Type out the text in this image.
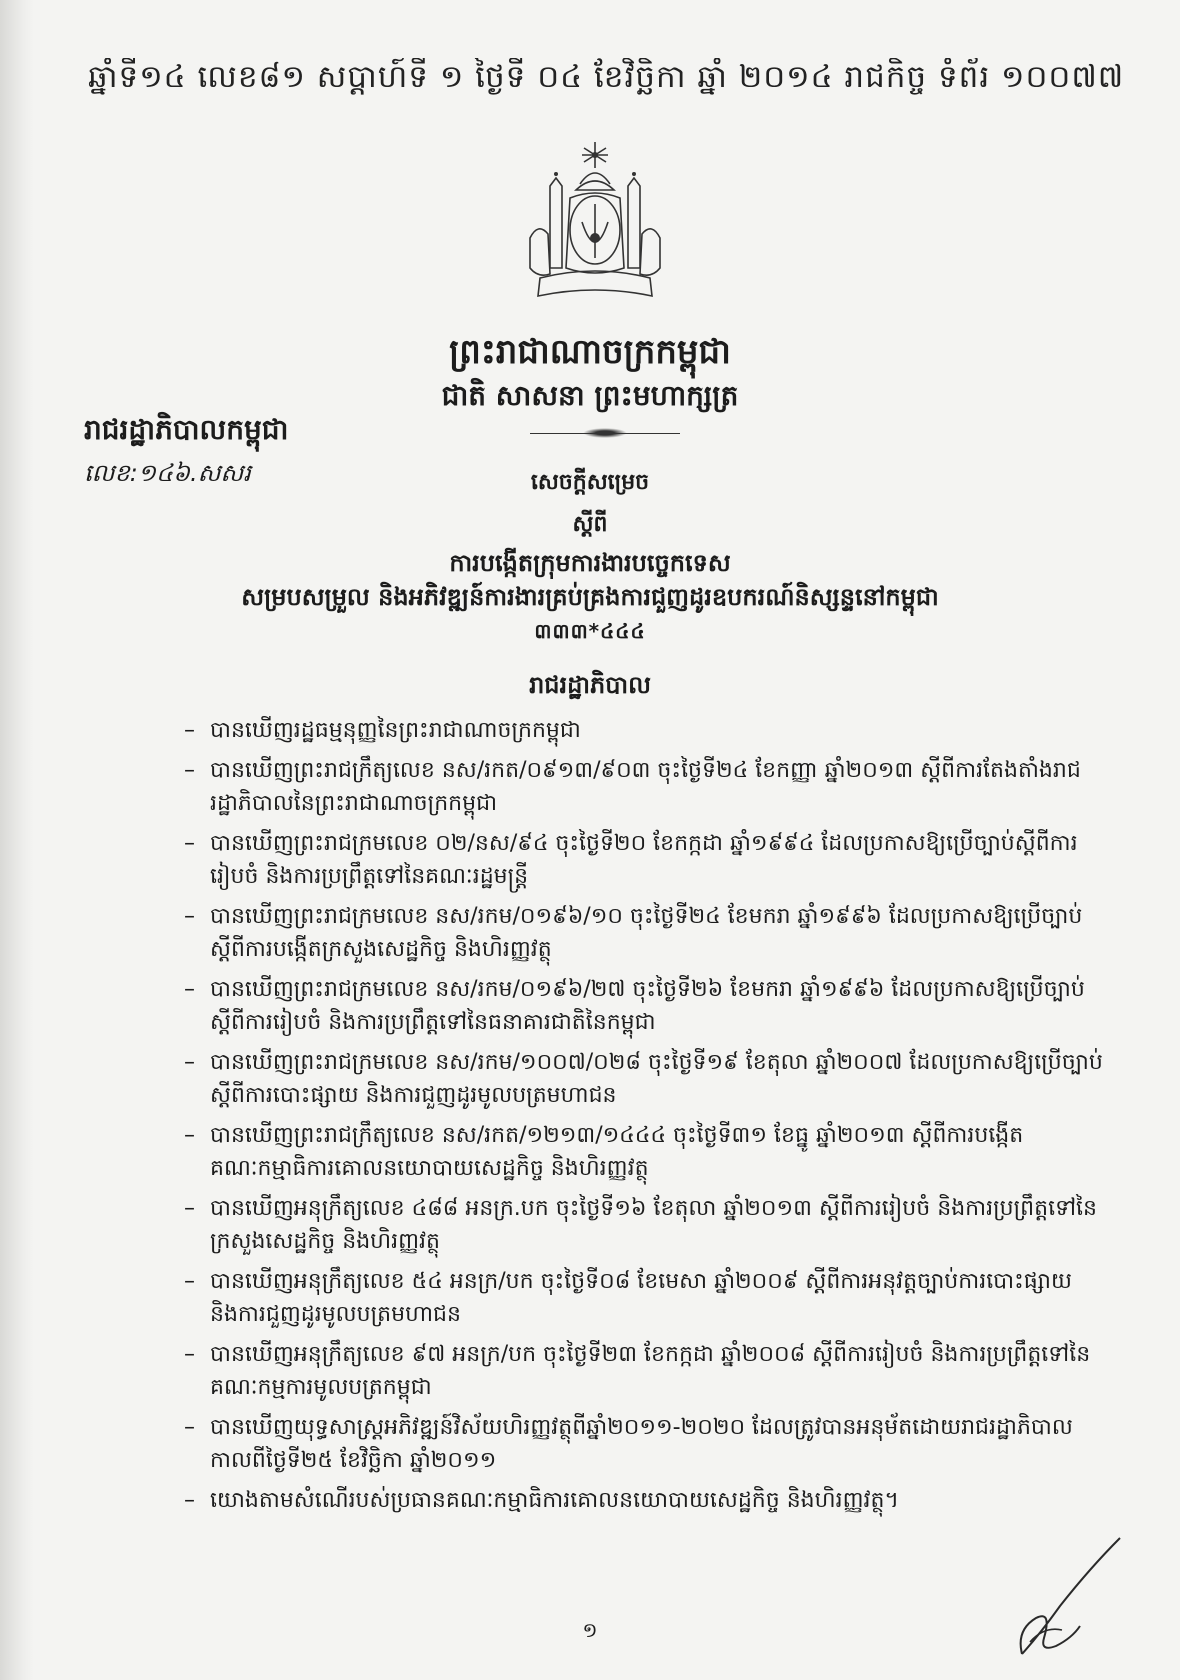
ឆ្នាំទី១៤ លេខ៨១ សប្តាហ៍ទី ១ ថ្ងៃទី ០៤ ខែវិច្ឆិកា ឆ្នាំ ២០១៤ រាជកិច្ច ទំព័រ ១០០៧៧
ព្រះរាជាណាចក្រកម្ពុជា
ជាតិ សាសនា ព្រះមហាក្សត្រ
រាជរដ្ឋាភិបាលកម្ពុជា
លេខ:១៤៦.សសរ	សេចក្តីសម្រេច
ស្តីពី
ការបង្កើតក្រុមការងារបច្ចេកទេស
សម្របសម្រួល និងអភិវឌ្ឍន៍ការងារគ្រប់គ្រងការជួញដូរឧបករណ៍និស្សន្ទនៅកម្ពុជា
៣៣៣*៤៤៤
រាជរដ្ឋាភិបាល
– បានឃើញរដ្ឋធម្មនុញ្ញនៃព្រះរាជាណាចក្រកម្ពុជា
– បានឃើញព្រះរាជក្រឹត្យលេខ នស/រកត/០៩១៣/៩០៣ ចុះថ្ងៃទី២៤ ខែកញ្ញា ឆ្នាំ២០១៣ ស្តីពីការតែងតាំងរាជរដ្ឋាភិបាលនៃព្រះរាជាណាចក្រកម្ពុជា
– បានឃើញព្រះរាជក្រមលេខ ០២/នស/៩៤ ចុះថ្ងៃទី២០ ខែកក្កដា ឆ្នាំ១៩៩៤ ដែលប្រកាសឱ្យប្រើច្បាប់ស្តីពីការរៀបចំ និងការប្រព្រឹត្តទៅនៃគណៈរដ្ឋមន្ត្រី
– បានឃើញព្រះរាជក្រមលេខ នស/រកម/០១៩៦/១០ ចុះថ្ងៃទី២៤ ខែមករា ឆ្នាំ១៩៩៦ ដែលប្រកាសឱ្យប្រើច្បាប់ស្តីពីការបង្កើតក្រសួងសេដ្ឋកិច្ច និងហិរញ្ញវត្ថុ
– បានឃើញព្រះរាជក្រមលេខ នស/រកម/០១៩៦/២៧ ចុះថ្ងៃទី២៦ ខែមករា ឆ្នាំ១៩៩៦ ដែលប្រកាសឱ្យប្រើច្បាប់ស្តីពីការរៀបចំ និងការប្រព្រឹត្តទៅនៃធនាគារជាតិនៃកម្ពុជា
– បានឃើញព្រះរាជក្រមលេខ នស/រកម/១០០៧/០២៨ ចុះថ្ងៃទី១៩ ខែតុលា ឆ្នាំ២០០៧ ដែលប្រកាសឱ្យប្រើច្បាប់ស្តីពីការបោះផ្សាយ និងការជួញដូរមូលបត្រមហាជន
– បានឃើញព្រះរាជក្រឹត្យលេខ នស/រកត/១២១៣/១៤៤៤ ចុះថ្ងៃទី៣១ ខែធ្នូ ឆ្នាំ២០១៣ ស្តីពីការបង្កើតគណៈកម្មាធិការគោលនយោបាយសេដ្ឋកិច្ច និងហិរញ្ញវត្ថុ
– បានឃើញអនុក្រឹត្យលេខ ៤៨៨ អនក្រ.បក ចុះថ្ងៃទី១៦ ខែតុលា ឆ្នាំ២០១៣ ស្តីពីការរៀបចំ និងការប្រព្រឹត្តទៅនៃក្រសួងសេដ្ឋកិច្ច និងហិរញ្ញវត្ថុ
– បានឃើញអនុក្រឹត្យលេខ ៥៤ អនក្រ/បក ចុះថ្ងៃទី០៨ ខែមេសា ឆ្នាំ២០០៩ ស្តីពីការអនុវត្តច្បាប់ការបោះផ្សាយ និងការជួញដូរមូលបត្រមហាជន
– បានឃើញអនុក្រឹត្យលេខ ៩៧ អនក្រ/បក ចុះថ្ងៃទី២៣ ខែកក្កដា ឆ្នាំ២០០៨ ស្តីពីការរៀបចំ និងការប្រព្រឹត្តទៅនៃគណៈកម្មការមូលបត្រកម្ពុជា
– បានឃើញយុទ្ធសាស្ត្រអភិវឌ្ឍន៍វិស័យហិរញ្ញវត្ថុពីឆ្នាំ២០១១-២០២០ ដែលត្រូវបានអនុម័តដោយរាជរដ្ឋាភិបាលកាលពីថ្ងៃទី២៥ ខែវិច្ឆិកា ឆ្នាំ២០១១
– យោងតាមសំណើរបស់ប្រធានគណៈកម្មាធិការគោលនយោបាយសេដ្ឋកិច្ច និងហិរញ្ញវត្ថុ។
១
